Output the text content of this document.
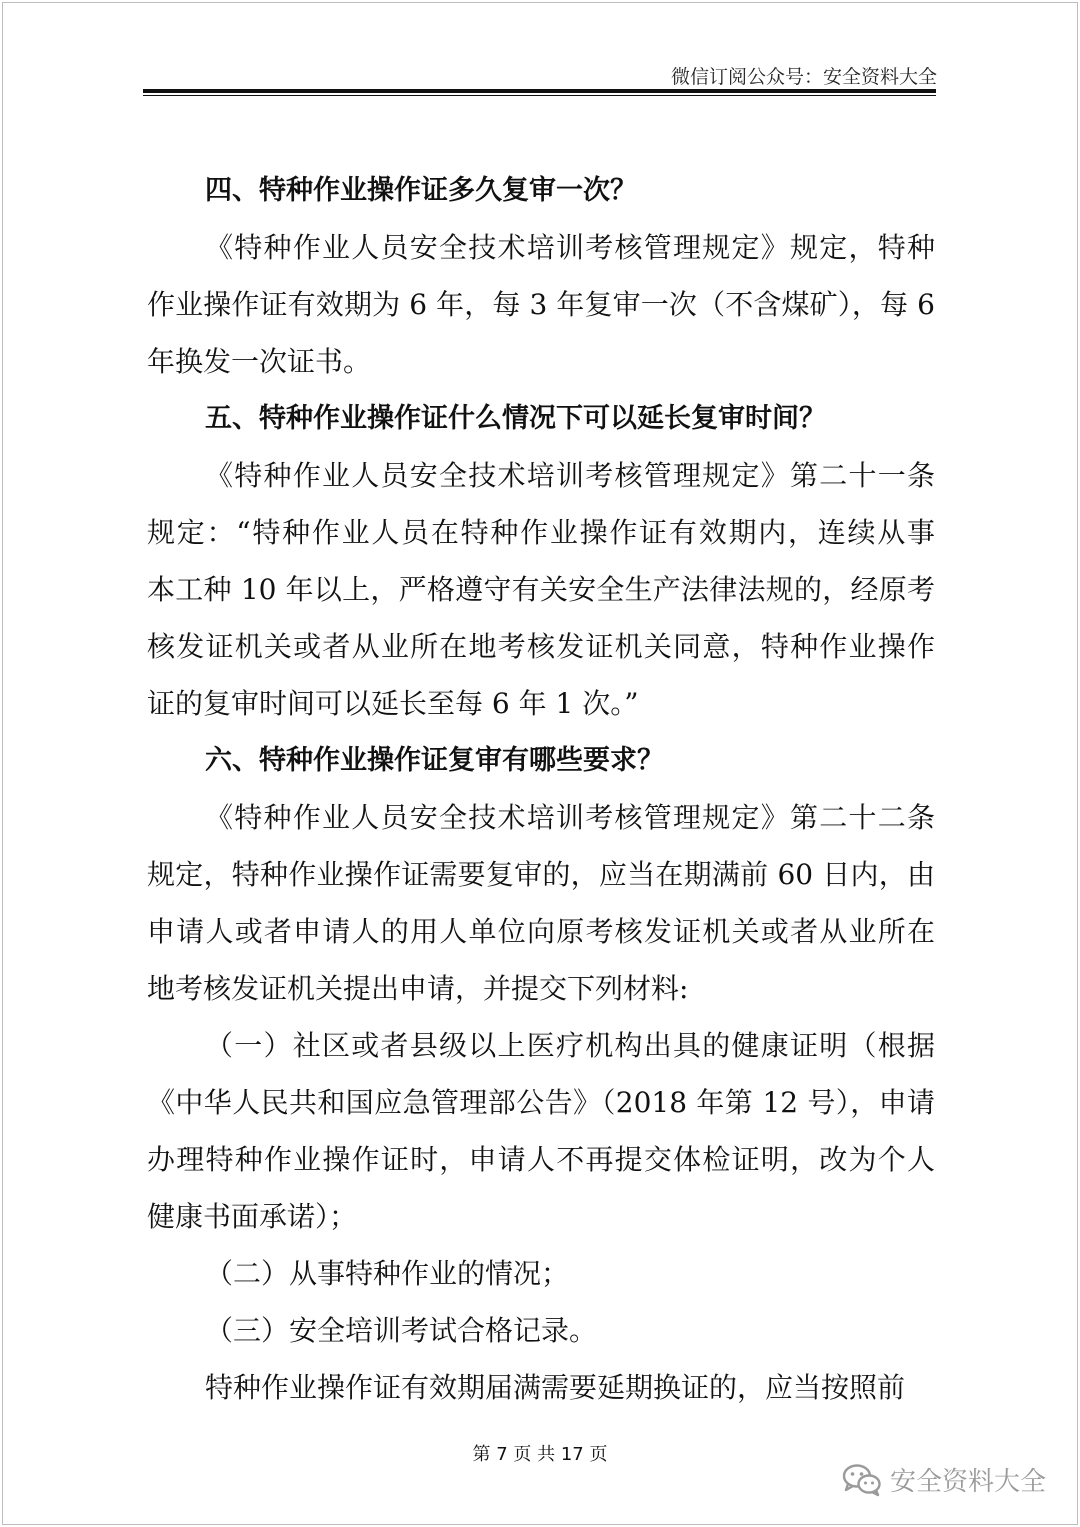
微信订阅公众号：安全资料大全

四、特种作业操作证多久复审一次？

《特种作业人员安全技术培训考核管理规定》规定，特种
作业操作证有效期为 6 年，每 3 年复审一次（不含煤矿），每 6
年换发一次证书。

五、特种作业操作证什么情况下可以延长复审时间？

《特种作业人员安全技术培训考核管理规定》第二十一条
规定：“特种作业人员在特种作业操作证有效期内，连续从事
本工种 10 年以上，严格遵守有关安全生产法律法规的，经原考
核发证机关或者从业所在地考核发证机关同意，特种作业操作
证的复审时间可以延长至每 6 年 1 次。”

六、特种作业操作证复审有哪些要求？

《特种作业人员安全技术培训考核管理规定》第二十二条
规定，特种作业操作证需要复审的，应当在期满前 60 日内，由
申请人或者申请人的用人单位向原考核发证机关或者从业所在
地考核发证机关提出申请，并提交下列材料:

（一）社区或者县级以上医疗机构出具的健康证明（根据
《中华人民共和国应急管理部公告》（2018 年第 12 号），申请
办理特种作业操作证时，申请人不再提交体检证明，改为个人
健康书面承诺）；

（二）从事特种作业的情况；

（三）安全培训考试合格记录。

特种作业操作证有效期届满需要延期换证的，应当按照前

第 7 页 共 17 页
安全资料大全
